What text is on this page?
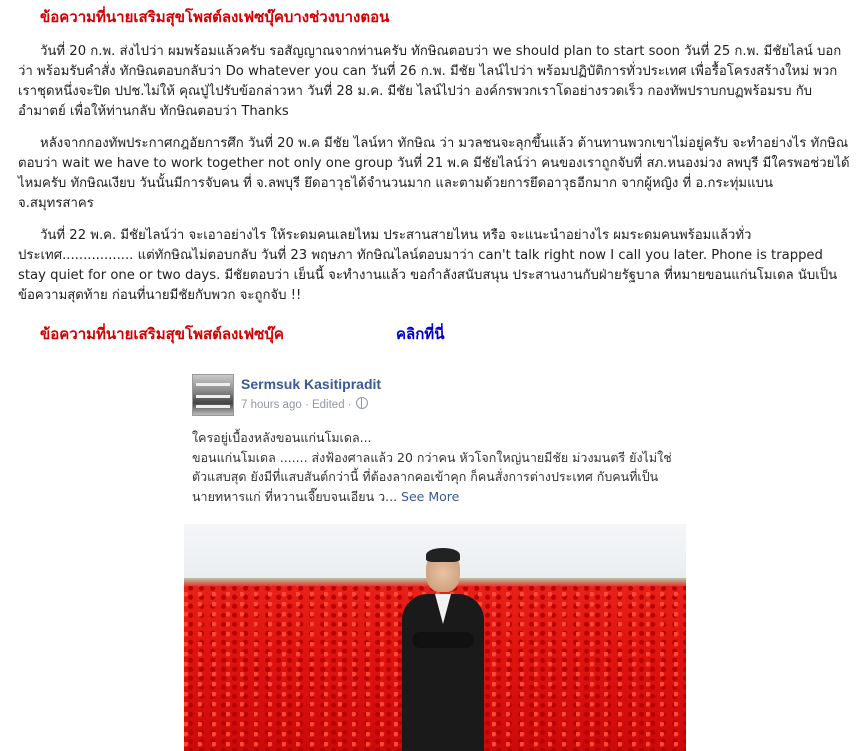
ข้อความที่นายเสริมสุขโพสต์ลงเฟซบุ๊คบางช่วงบางตอน

วันที่ 20 ก.พ. ส่งไปว่า ผมพร้อมแล้วครับ รอสัญญาณจากท่านครับ ทักษิณตอบว่า we should plan to start soon วันที่ 25 ก.พ. มีชัยไลน์ บอกว่า พร้อมรับคำสั่ง ทักษิณตอบกลับว่า Do whatever you can วันที่ 26 ก.พ. มีชัย ไลน์ไปว่า พร้อมปฏิบัติการทั่วประเทศ เพื่อรื้อโครงสร้างใหม่ พวกเราชุดหนึ่งจะปิด ปปช.ไม่ให้ คุณปู่ไปรับข้อกล่าวหา วันที่ 28 ม.ค. มีชัย ไลน์ไปว่า องค์กรพวกเราโดอย่างรวดเร็ว กองทัพปราบกบฏพร้อมรบ กับอำมาตย์ เพื่อให้ท่านกลับ ทักษิณตอบว่า Thanks

หลังจากกองทัพประกาศกฎอัยการศึก วันที่ 20 พ.ค มีชัย ไลน์หา ทักษิณ ว่า มวลชนจะลุกขึ้นแล้ว ต้านทานพวกเขาไม่อยู่ครับ จะทำอย่างไร ทักษิณตอบว่า wait we have to work together not only one group วันที่ 21 พ.ค มีชัยไลน์ว่า คนของเราถูกจับที่ สภ.หนองม่วง ลพบุรี มีใครพอช่วยได้ไหมครับ ทักษิณเงียบ วันนั้นมีการจับคน ที่ จ.ลพบุรี ยึดอาวุธได้จำนวนมาก และตามด้วยการยึดอาวุธอีกมาก จากผู้หญิง ที่ อ.กระทุ่มแบน จ.สมุทรสาคร

วันที่ 22 พ.ค. มีชัยไลน์ว่า จะเอาอย่างไร ให้ระดมคนเลยไหม ประสานสายไหน หรือ จะแนะนำอย่างไร ผมระดมคนพร้อมแล้วทั่วประเทศ................. แต่ทักษิณไม่ตอบกลับ วันที่ 23 พฤษภา ทักษิณไลน์ตอบมาว่า can't talk right now I call you later. Phone is trapped stay quiet for one or two days. มีชัยตอบว่า เย็นนี้ จะทำงานแล้ว ขอกำลังสนับสนุน ประสานงานกับฝ่ายรัฐบาล ที่หมายขอนแก่นโมเดล นับเป็น ข้อความสุดท้าย ก่อนที่นายมีชัยกับพวก จะถูกจับ !!

ข้อความที่นายเสริมสุขโพสต์ลงเฟซบุ๊ค	คลิกที่นี่
Sermsuk Kasitipradit
7 hours ago · Edited ·

ใครอยู่เบื้องหลังขอนแก่นโมเดล...

ขอนแก่นโมเดล ....... ส่งฟ้องศาลแล้ว 20 กว่าคน หัวโจกใหญ่นายมีชัย ม่วงมนตรี ยังไม่ใช่ ตัวแสบสุด ยังมีที่แสบสันต์กว่านี้ ที่ต้องลากคอเข้าคุก ก็คนสั่งการต่างประเทศ กับคนที่เป็นนายทหารแก่ ที่หวานเจี๊ยบจนเอียน ว... See More
